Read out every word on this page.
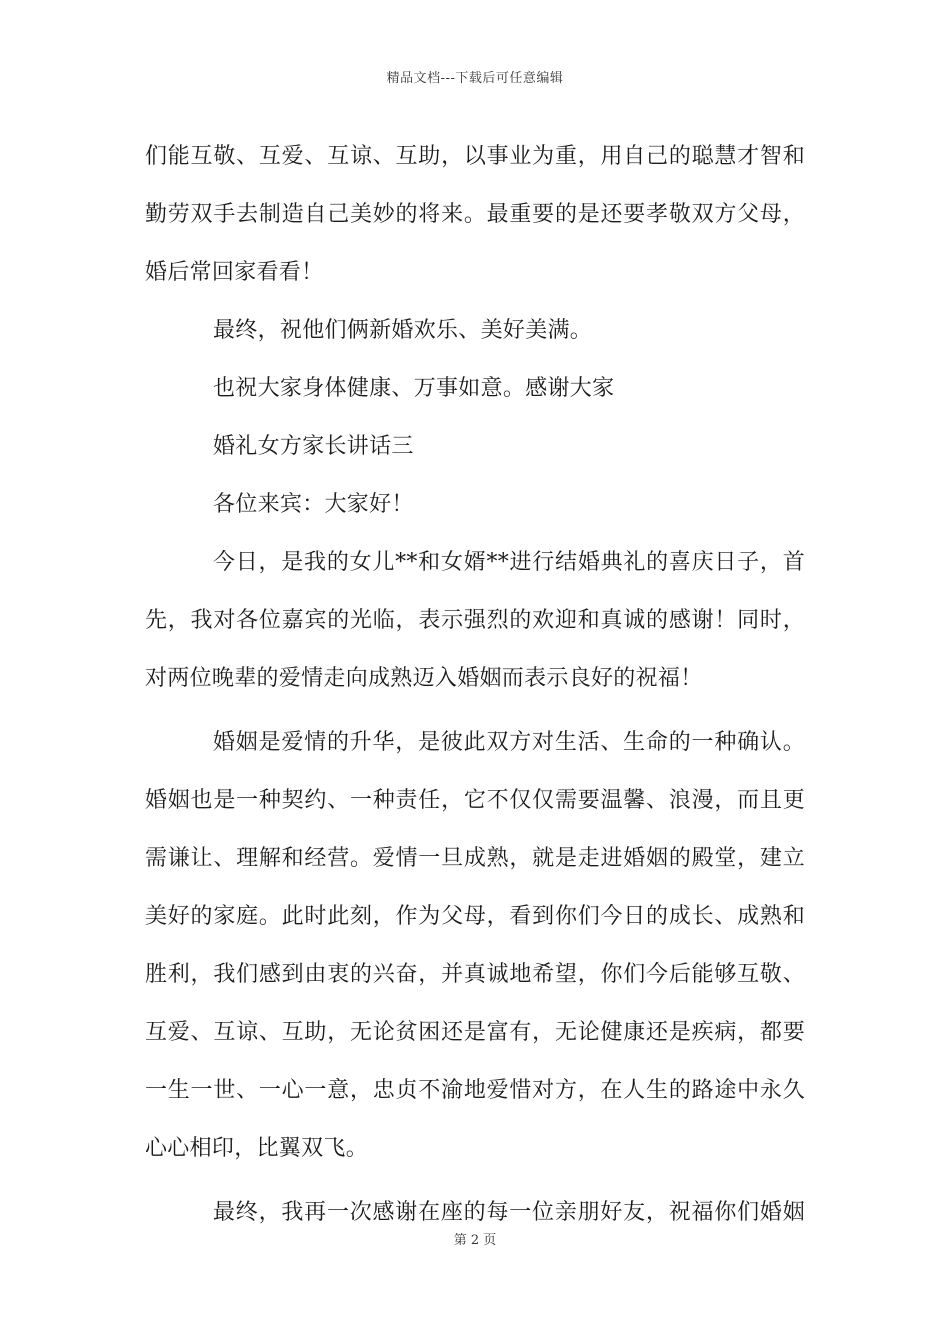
精品文档---下载后可任意编辑
们能互敬、互爱、互谅、互助，以事业为重，用自己的聪慧才智和
勤劳双手去制造自己美妙的将来。最重要的是还要孝敬双方父母，
婚后常回家看看！
最终，祝他们俩新婚欢乐、美好美满。
也祝大家身体健康、万事如意。感谢大家
婚礼女方家长讲话三
各位来宾：大家好！
今日，是我的女儿**和女婿**进行结婚典礼的喜庆日子，首
先，我对各位嘉宾的光临，表示强烈的欢迎和真诚的感谢！同时，
对两位晚辈的爱情走向成熟迈入婚姻而表示良好的祝福！
婚姻是爱情的升华，是彼此双方对生活、生命的一种确认。
婚姻也是一种契约、一种责任，它不仅仅需要温馨、浪漫，而且更
需谦让、理解和经营。爱情一旦成熟，就是走进婚姻的殿堂，建立
美好的家庭。此时此刻，作为父母，看到你们今日的成长、成熟和
胜利，我们感到由衷的兴奋，并真诚地希望，你们今后能够互敬、
互爱、互谅、互助，无论贫困还是富有，无论健康还是疾病，都要
一生一世、一心一意，忠贞不渝地爱惜对方，在人生的路途中永久
心心相印，比翼双飞。
最终，我再一次感谢在座的每一位亲朋好友，祝福你们婚姻
第 2 页
